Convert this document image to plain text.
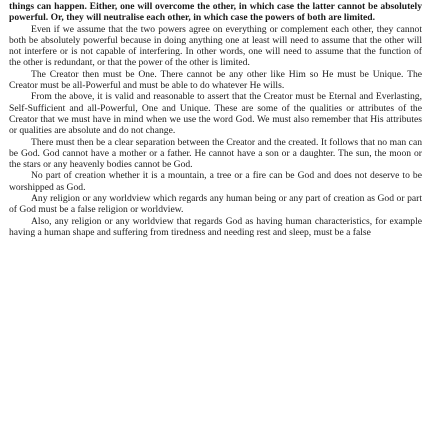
things can happen. Either, one will overcome the other, in which case the latter cannot be absolutely powerful. Or, they will neutralise each other, in which case the powers of both are limited.

Even if we assume that the two powers agree on everything or complement each other, they cannot both be absolutely powerful because in doing anything one at least will need to assume that the other will not interfere or is not capable of interfering. In other words, one will need to assume that the function of the other is redundant, or that the power of the other is limited.

The Creator then must be One. There cannot be any other like Him so He must be Unique. The Creator must be all-Powerful and must be able to do whatever He wills.

From the above, it is valid and reasonable to assert that the Creator must be Eternal and Everlasting, Self-Sufficient and all-Powerful, One and Unique. These are some of the qualities or attributes of the Creator that we must have in mind when we use the word God. We must also remember that His attributes or qualities are absolute and do not change.

There must then be a clear separation between the Creator and the created. It follows that no man can be God. God cannot have a mother or a father. He cannot have a son or a daughter. The sun, the moon or the stars or any heavenly bodies cannot be God.

No part of creation whether it is a mountain, a tree or a fire can be God and does not deserve to be worshipped as God.

Any religion or any worldview which regards any human being or any part of creation as God or part of God must be a false religion or worldview.

Also, any religion or any worldview that regards God as having human characteristics, for example having a human shape and suffering from tiredness and needing rest and sleep, must be a false
